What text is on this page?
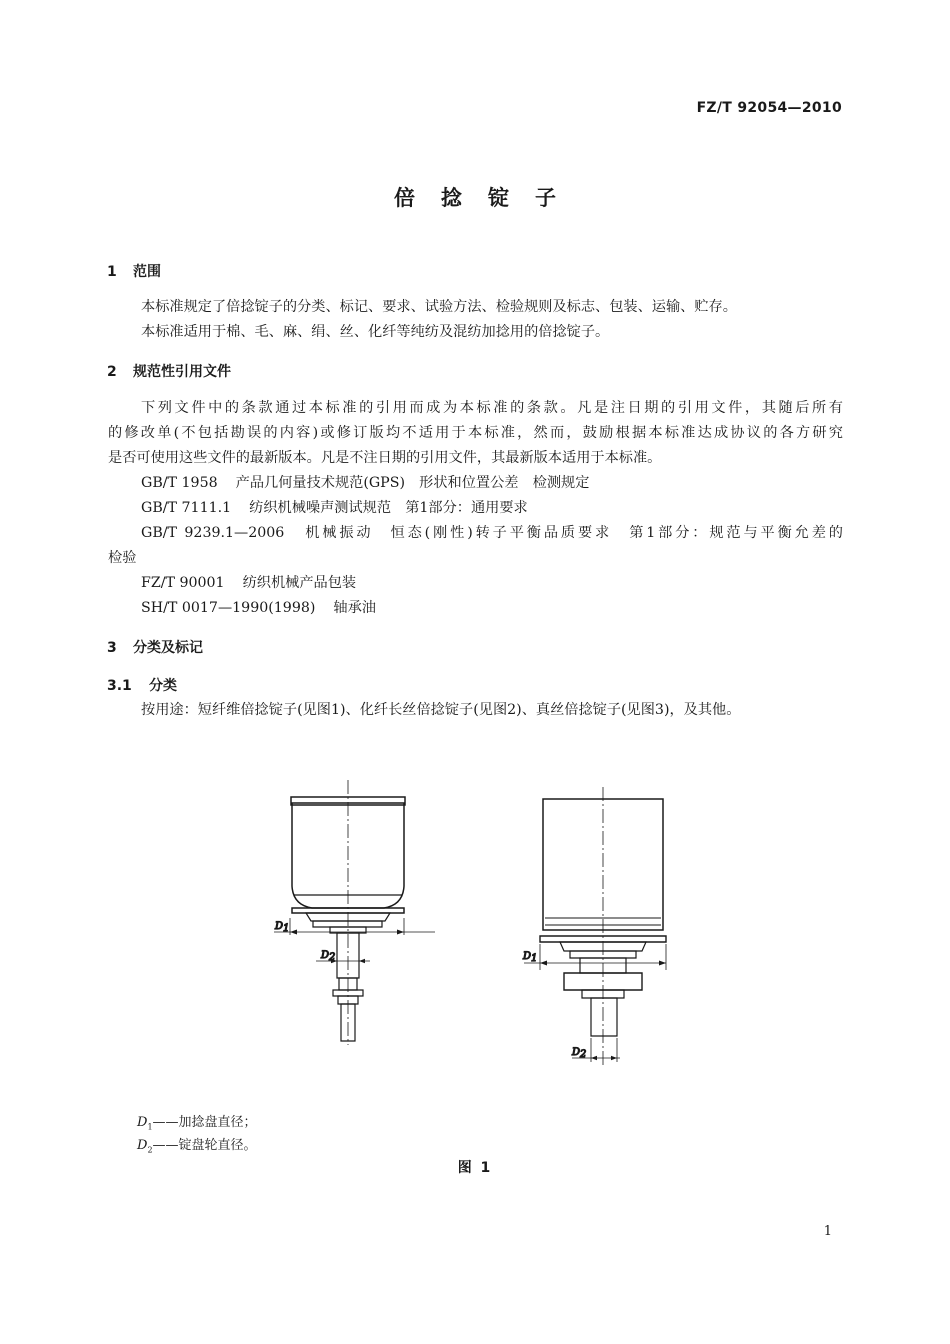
FZ/T 92054—2010
倍捻锭子
1 范围
本标准规定了倍捻锭子的分类、标记、要求、试验方法、检验规则及标志、包装、运输、贮存。
本标准适用于棉、毛、麻、绢、丝、化纤等纯纺及混纺加捻用的倍捻锭子。
2 规范性引用文件
下列文件中的条款通过本标准的引用而成为本标准的条款。凡是注日期的引用文件，其随后所有
的修改单(不包括勘误的内容)或修订版均不适用于本标准，然而，鼓励根据本标准达成协议的各方研究
是否可使用这些文件的最新版本。凡是不注日期的引用文件，其最新版本适用于本标准。
GB/T 1958 产品几何量技术规范(GPS)　形状和位置公差　检测规定
GB/T 7111.1 纺织机械噪声测试规范　第1部分：通用要求
GB/T 9239.1—2006 机械振动　恒态(刚性)转子平衡品质要求　第1部分：规范与平衡允差的
检验
FZ/T 90001 纺织机械产品包装
SH/T 0017—1990(1998) 轴承油
3 分类及标记
3.1 分类
按用途：短纤维倍捻锭子(见图1)、化纤长丝倍捻锭子(见图2)、真丝倍捻锭子(见图3)，及其他。
D1
D2	D1
D2
$D_1——$加捻盘直径；
$D_2——$锭盘轮直径。
图 1
1
